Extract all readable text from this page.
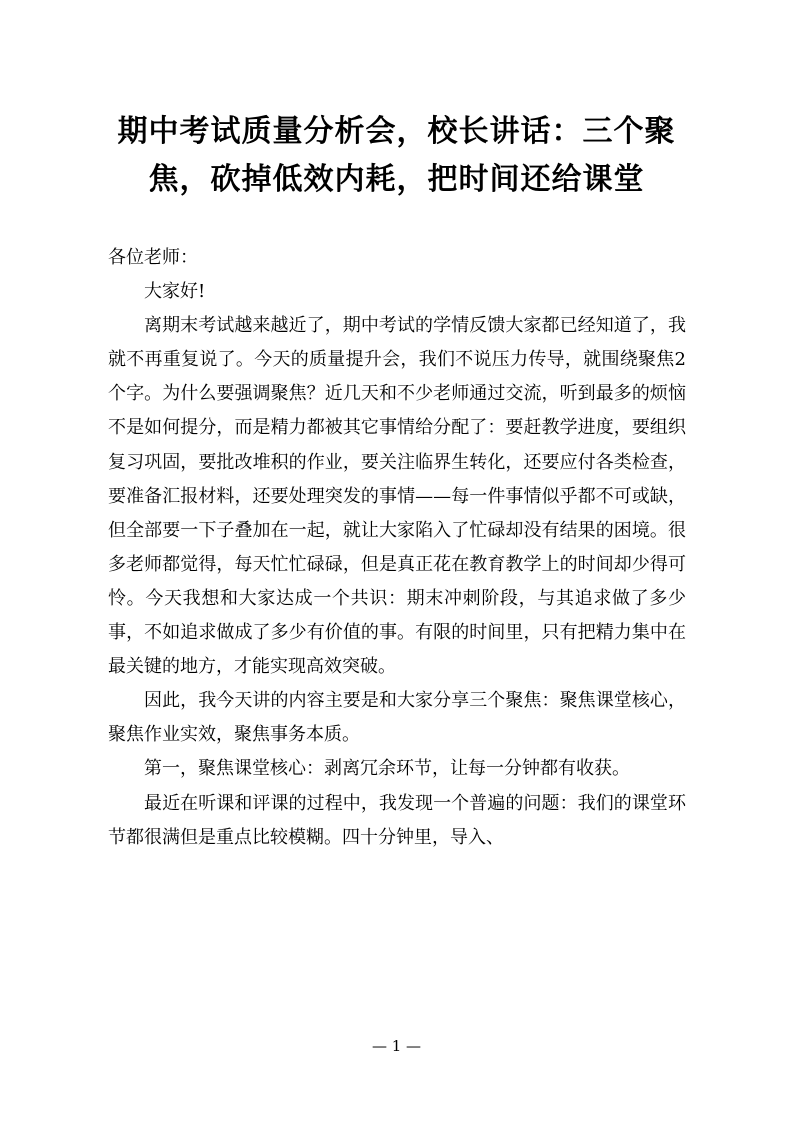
期中考试质量分析会，校长讲话：三个聚
焦，砍掉低效内耗，把时间还给课堂

各位老师：

大家好!

离期末考试越来越近了，期中考试的学情反馈大家都已经知道了，我就不再重复说了。今天的质量提升会，我们不说压力传导，就围绕聚焦2个字。为什么要强调聚焦？近几天和不少老师通过交流，听到最多的烦恼不是如何提分，而是精力都被其它事情给分配了：要赶教学进度，要组织复习巩固，要批改堆积的作业，要关注临界生转化，还要应付各类检查，要准备汇报材料，还要处理突发的事情——每一件事情似乎都不可或缺，但全部要一下子叠加在一起，就让大家陷入了忙碌却没有结果的困境。很多老师都觉得，每天忙忙碌碌，但是真正花在教育教学上的时间却少得可怜。今天我想和大家达成一个共识：期末冲刺阶段，与其追求做了多少事，不如追求做成了多少有价值的事。有限的时间里，只有把精力集中在最关键的地方，才能实现高效突破。

因此，我今天讲的内容主要是和大家分享三个聚焦：聚焦课堂核心，聚焦作业实效，聚焦事务本质。

第一，聚焦课堂核心：剥离冗余环节，让每一分钟都有收获。

最近在听课和评课的过程中，我发现一个普遍的问题：我们的课堂环节都很满但是重点比较模糊。四十分钟里，导入、

— 1 —
